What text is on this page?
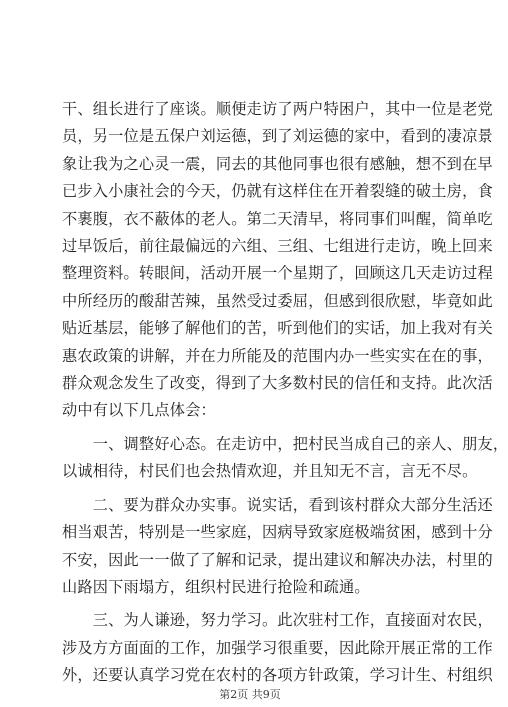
干、组长进行了座谈。顺便走访了两户特困户，其中一位是老党
员，另一位是五保户刘运德，到了刘运德的家中，看到的凄凉景
象让我为之心灵一震，同去的其他同事也很有感触，想不到在早
已步入小康社会的今天，仍就有这样住在开着裂缝的破土房，食
不裹腹，衣不蔽体的老人。第二天清早，将同事们叫醒，简单吃
过早饭后，前往最偏远的六组、三组、七组进行走访，晚上回来
整理资料。转眼间，活动开展一个星期了，回顾这几天走访过程
中所经历的酸甜苦辣，虽然受过委屈，但感到很欣慰，毕竟如此
贴近基层，能够了解他们的苦，听到他们的实话，加上我对有关
惠农政策的讲解，并在力所能及的范围内办一些实实在在的事，
群众观念发生了改变，得到了大多数村民的信任和支持。此次活
动中有以下几点体会：
　　一、调整好心态。在走访中，把村民当成自己的亲人、朋友，
以诚相待，村民们也会热情欢迎，并且知无不言，言无不尽。
　　二、要为群众办实事。说实话，看到该村群众大部分生活还
相当艰苦，特别是一些家庭，因病导致家庭极端贫困，感到十分
不安，因此一一做了了解和记录，提出建议和解决办法，村里的
山路因下雨塌方，组织村民进行抢险和疏通。
　　三、为人谦逊，努力学习。此次驻村工作，直接面对农民，
涉及方方面面的工作，加强学习很重要，因此除开展正常的工作
外，还要认真学习党在农村的各项方针政策，学习计生、村组织
第2页 共9页
